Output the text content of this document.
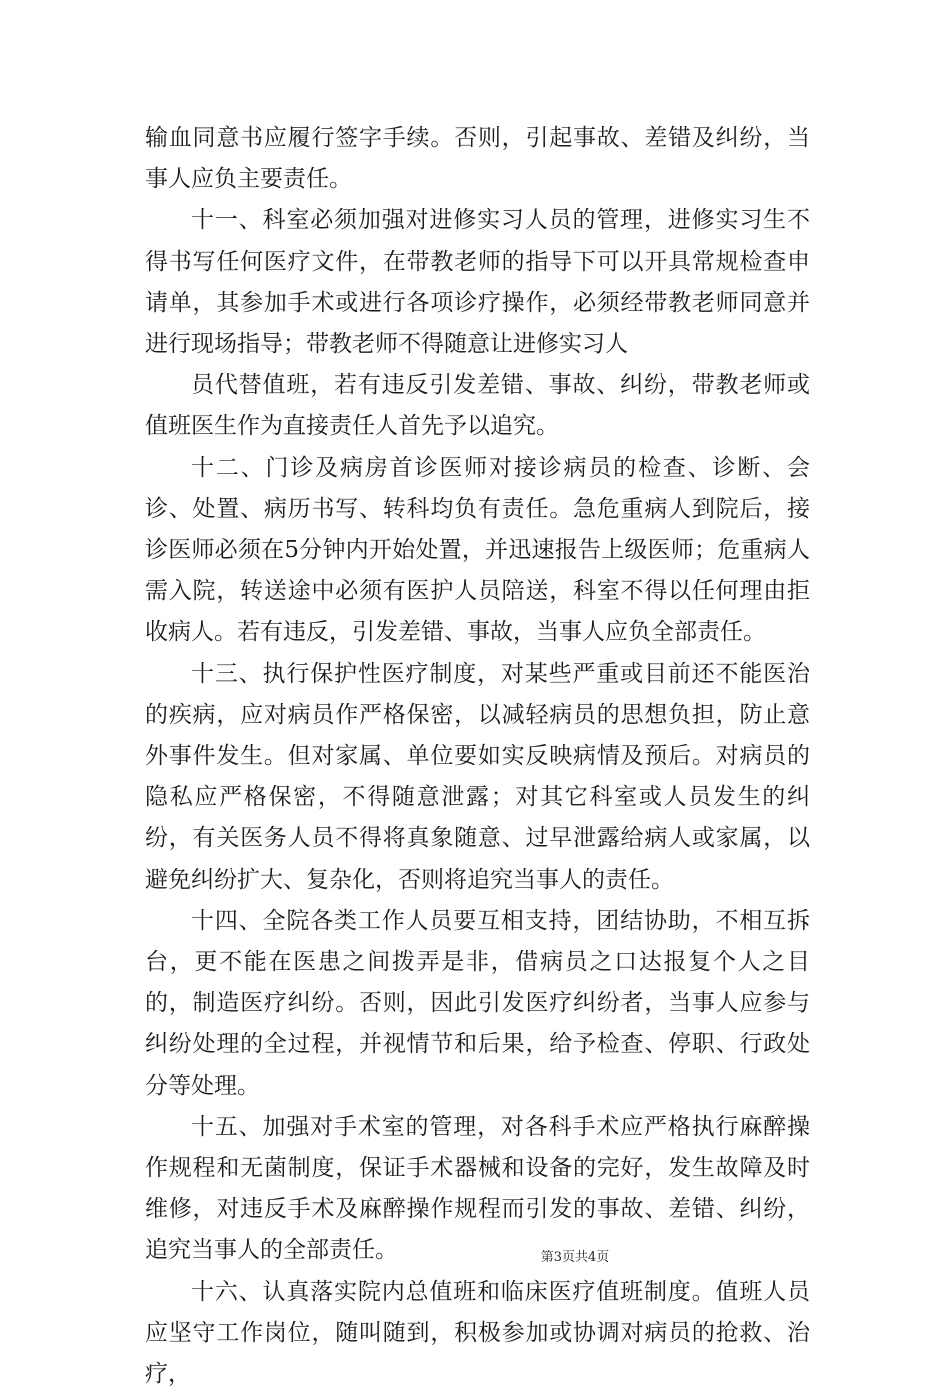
输血同意书应履行签字手续。否则，引起事故、差错及纠纷，当事人应负主要责任。

十一、科室必须加强对进修实习人员的管理，进修实习生不得书写任何医疗文件，在带教老师的指导下可以开具常规检查申请单，其参加手术或进行各项诊疗操作，必须经带教老师同意并进行现场指导；带教老师不得随意让进修实习人

员代替值班，若有违反引发差错、事故、纠纷，带教老师或值班医生作为直接责任人首先予以追究。

十二、门诊及病房首诊医师对接诊病员的检查、诊断、会诊、处置、病历书写、转科均负有责任。急危重病人到院后，接诊医师必须在5分钟内开始处置，并迅速报告上级医师；危重病人需入院，转送途中必须有医护人员陪送，科室不得以任何理由拒收病人。若有违反，引发差错、事故，当事人应负全部责任。

十三、执行保护性医疗制度，对某些严重或目前还不能医治的疾病，应对病员作严格保密，以减轻病员的思想负担，防止意外事件发生。但对家属、单位要如实反映病情及预后。对病员的隐私应严格保密，不得随意泄露；对其它科室或人员发生的纠纷，有关医务人员不得将真象随意、过早泄露给病人或家属，以避免纠纷扩大、复杂化，否则将追究当事人的责任。

十四、全院各类工作人员要互相支持，团结协助，不相互拆台，更不能在医患之间拨弄是非，借病员之口达报复个人之目的，制造医疗纠纷。否则，因此引发医疗纠纷者，当事人应参与纠纷处理的全过程，并视情节和后果，给予检查、停职、行政处分等处理。

十五、加强对手术室的管理，对各科手术应严格执行麻醉操作规程和无菌制度，保证手术器械和设备的完好，发生故障及时维修，对违反手术及麻醉操作规程而引发的事故、差错、纠纷，追究当事人的全部责任。

十六、认真落实院内总值班和临床医疗值班制度。值班人员应坚守工作岗位，随叫随到，积极参加或协调对病员的抢救、治疗，

第3页共4页
